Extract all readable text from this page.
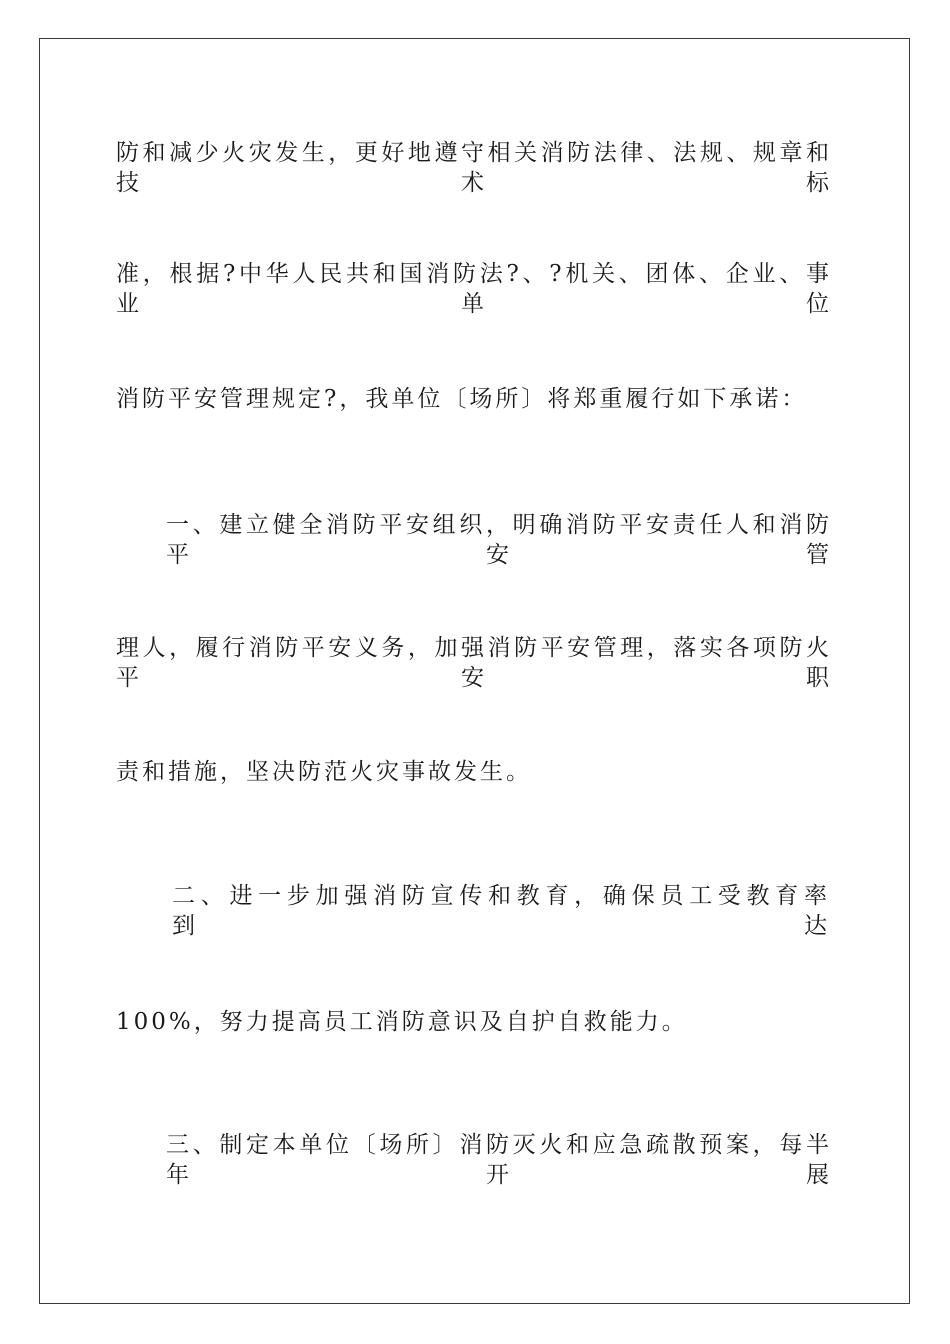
防和减少火灾发生，更好地遵守相关消防法律、法规、规章和技术标
准，根据?中华人民共和国消防法?、?机关、团体、企业、事业单位
消防平安管理规定?，我单位〔场所〕将郑重履行如下承诺：
一、建立健全消防平安组织，明确消防平安责任人和消防平安管
理人，履行消防平安义务，加强消防平安管理，落实各项防火平安职
责和措施，坚决防范火灾事故发生。
二、进一步加强消防宣传和教育，确保员工受教育率到达
100%，努力提高员工消防意识及自护自救能力。
三、制定本单位〔场所〕消防灭火和应急疏散预案，每半年开展
